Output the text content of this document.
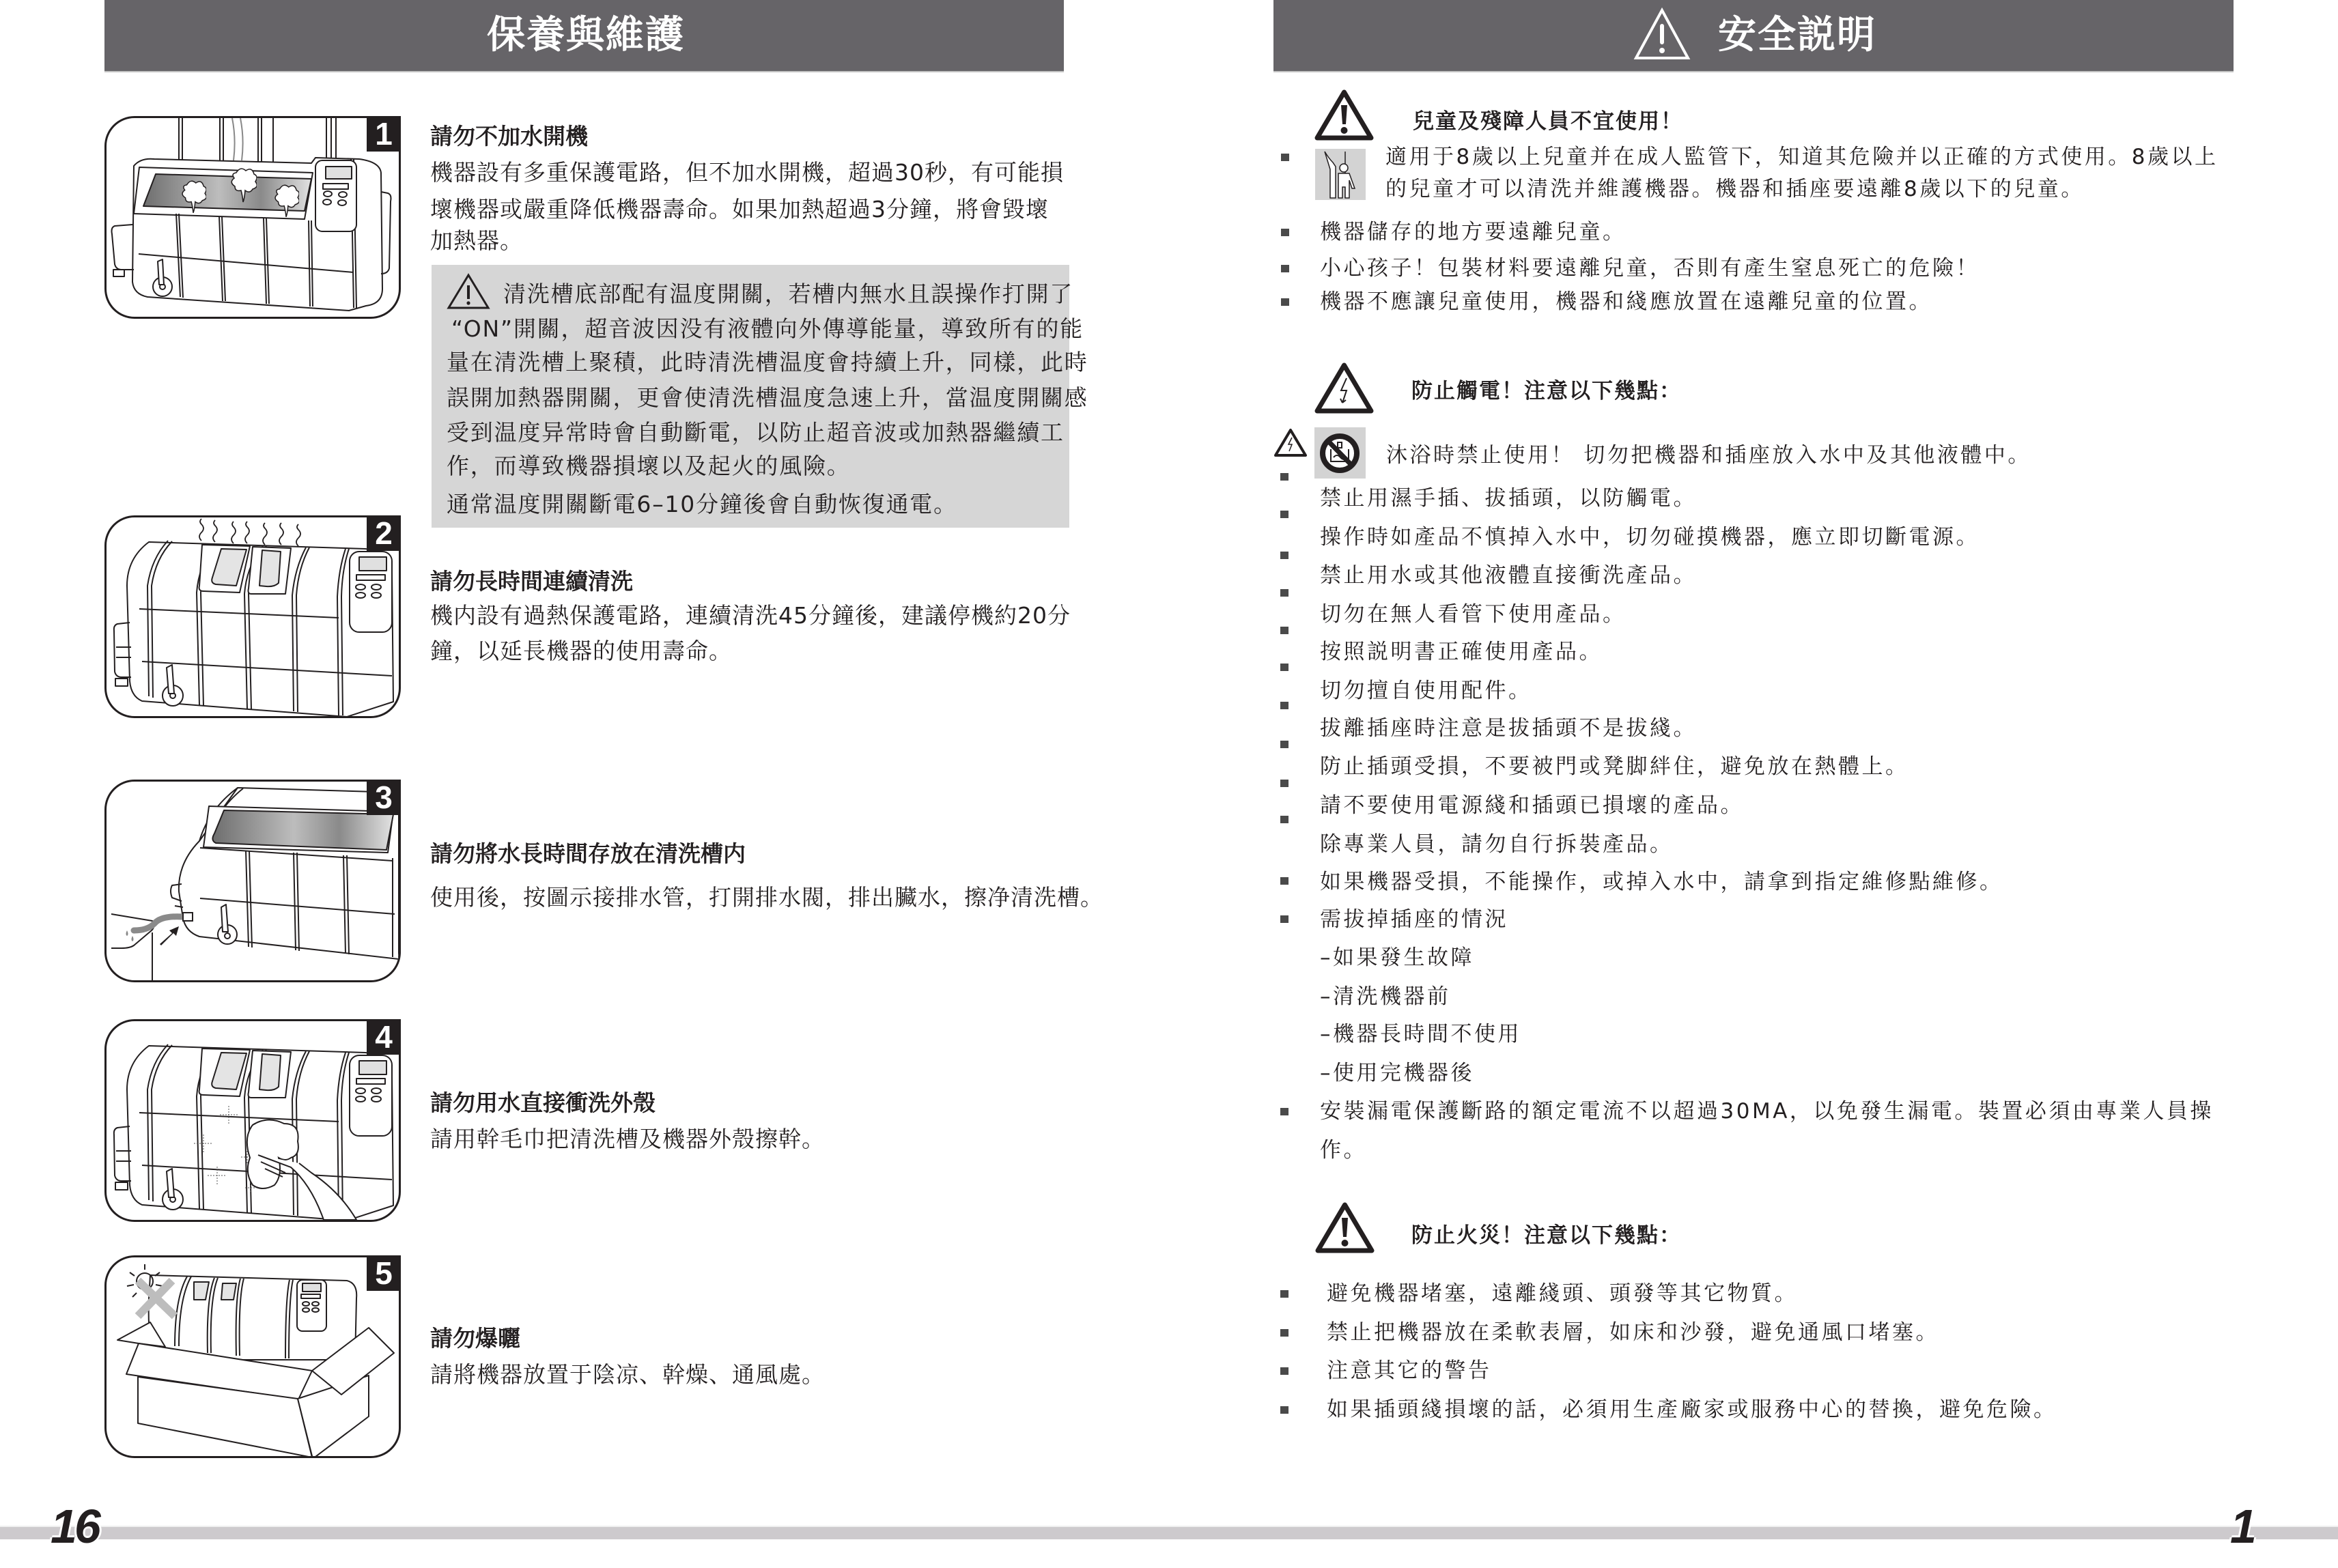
保養與維護
1	請勿不加水開機
機器設有多重保護電路，但不加水開機，超過30秒，有可能損
壞機器或嚴重降低機器壽命。如果加熱超過3分鐘，將會毀壞
加熱器。
清洗槽底部配有温度開關，若槽内無水且誤操作打開了
“ON”開關，超音波因没有液體向外傳導能量，導致所有的能
量在清洗槽上聚積，此時清洗槽温度會持續上升，同樣，此時
誤開加熱器開關，更會使清洗槽温度急速上升，當温度開關感
受到温度异常時會自動斷電，以防止超音波或加熱器繼續工
作，而導致機器損壞以及起火的風險。
通常温度開關斷電6–10分鐘後會自動恢復通電。
2
請勿長時間連續清洗
機内設有過熱保護電路，連續清洗45分鐘後，建議停機約20分
鐘，以延長機器的使用壽命。
3
請勿將水長時間存放在清洗槽内
使用後，按圖示接排水管，打開排水閥，排出臟水，擦净清洗槽。
4
請勿用水直接衝洗外殼
請用幹毛巾把清洗槽及機器外殼擦幹。
5
請勿爆曬
請將機器放置于陰凉、幹燥、通風處。
安全説明
兒童及殘障人員不宜使用！
適用于8歲以上兒童并在成人監管下，知道其危險并以正確的方式使用。8歲以上
的兒童才可以清洗并維護機器。機器和插座要遠離8歲以下的兒童。
機器儲存的地方要遠離兒童。
小心孩子！包裝材料要遠離兒童，否則有產生窒息死亡的危險！
機器不應讓兒童使用，機器和綫應放置在遠離兒童的位置。
防止觸電！注意以下幾點：
沐浴時禁止使用！ 切勿把機器和插座放入水中及其他液體中。
禁止用濕手插、拔插頭，以防觸電。
操作時如產品不慎掉入水中，切勿碰摸機器，應立即切斷電源。
禁止用水或其他液體直接衝洗產品。
切勿在無人看管下使用產品。
按照説明書正確使用產品。
切勿擅自使用配件。
拔離插座時注意是拔插頭不是拔綫。
防止插頭受損，不要被門或凳脚絆住，避免放在熱體上。
請不要使用電源綫和插頭已損壞的產品。
除專業人員，請勿自行拆裝產品。
如果機器受損，不能操作，或掉入水中，請拿到指定維修點維修。
需拔掉插座的情況
–如果發生故障
–清洗機器前
–機器長時間不使用
–使用完機器後
安裝漏電保護斷路的額定電流不以超過30MA，以免發生漏電。裝置必須由專業人員操
作。
防止火災！注意以下幾點：
避免機器堵塞，遠離綫頭、頭發等其它物質。
禁止把機器放在柔軟表層，如床和沙發，避免通風口堵塞。
注意其它的警告
如果插頭綫損壞的話，必須用生產廠家或服務中心的替換，避免危險。
16	1
